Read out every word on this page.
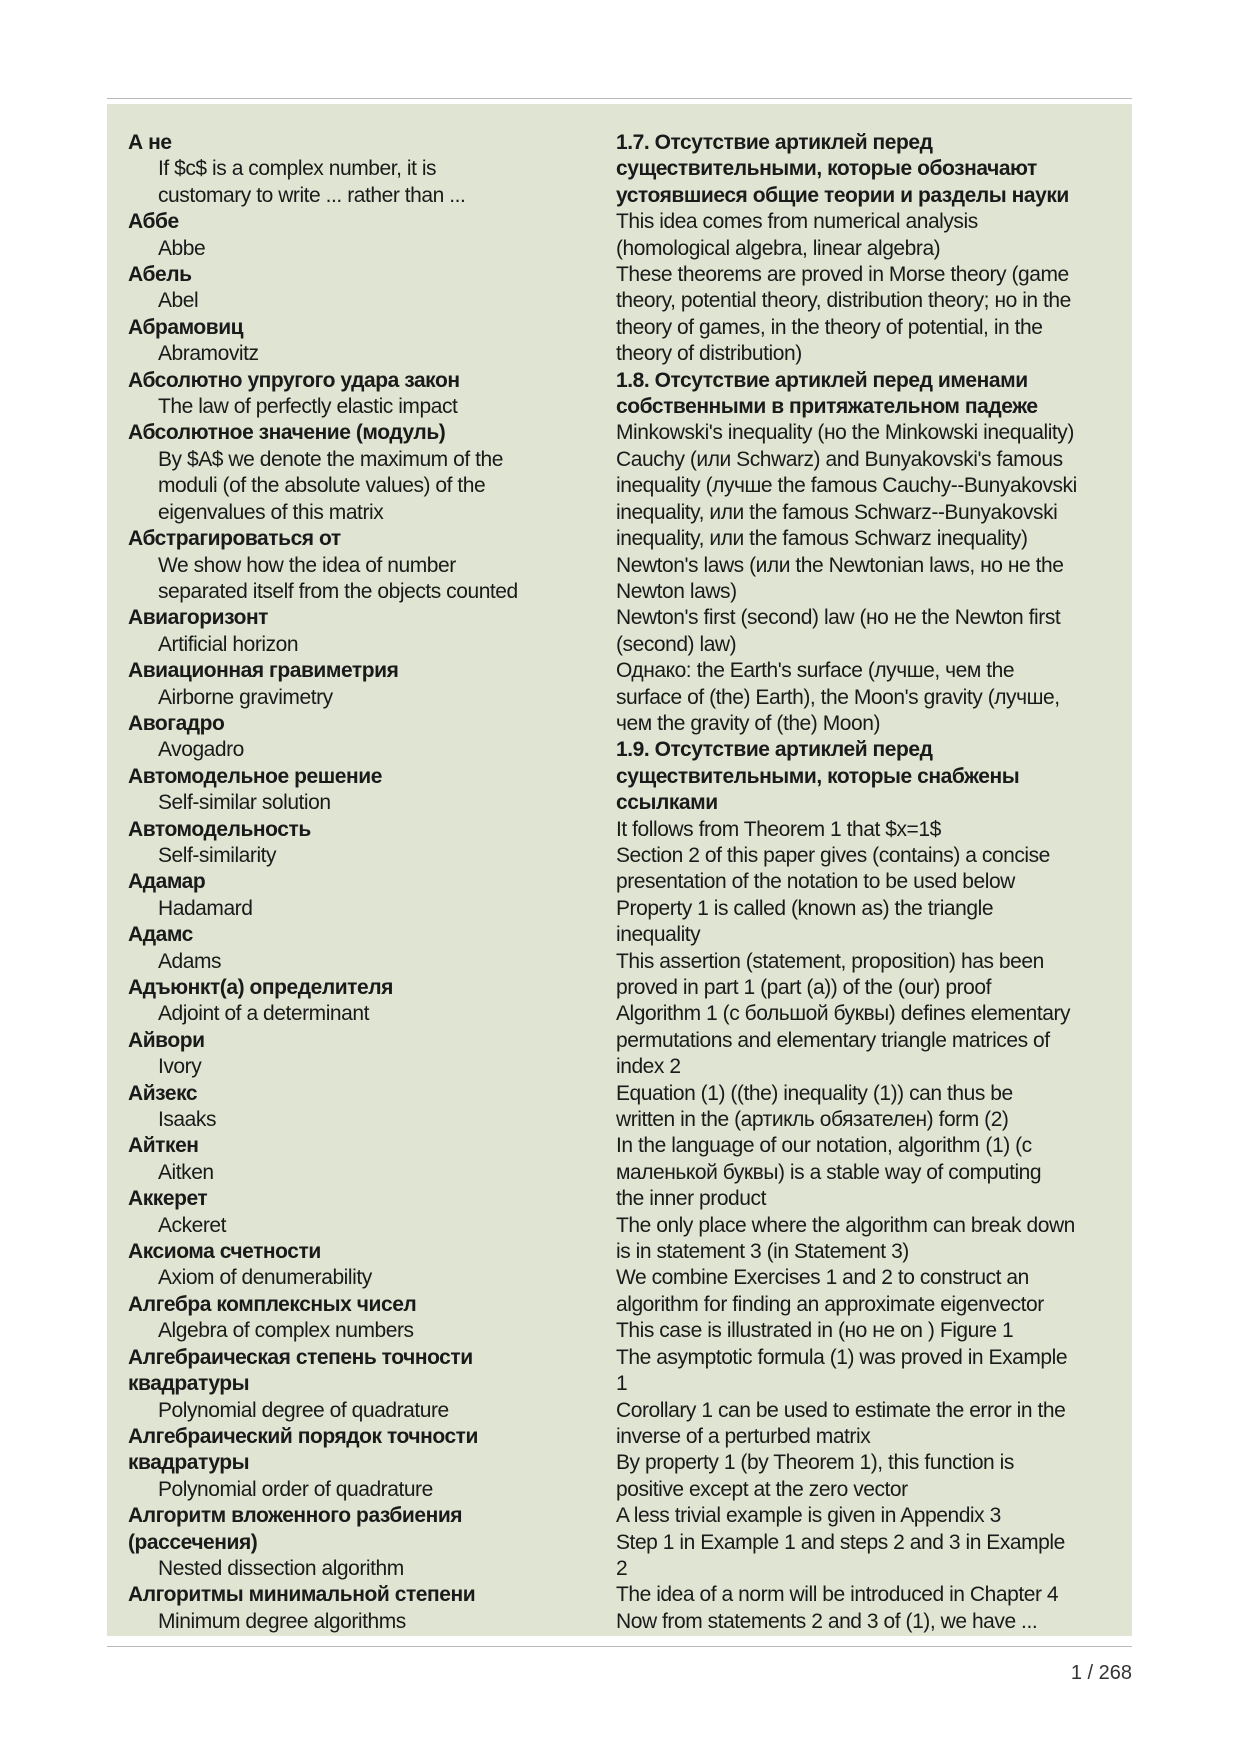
А не
If $c$ is a complex number, it is
customary to write ... rather than ...
Аббе
Abbe
Абель
Abel
Абрамовиц
Abramovitz
Абсолютно упругого удара закон
The law of perfectly elastic impact
Абсолютное значение (модуль)
By $A$ we denote the maximum of the
moduli (of the absolute values) of the
eigenvalues of this matrix
Абстрагироваться от
We show how the idea of number
separated itself from the objects counted
Авиагоризонт
Artificial horizon
Авиационная гравиметрия
Airborne gravimetry
Авогадро
Avogadro
Автомодельное решение
Self-similar solution
Автомодельность
Self-similarity
Адамар
Hadamard
Адамс
Adams
Адъюнкт(а) определителя
Adjoint of a determinant
Айвори
Ivory
Айзекс
Isaaks
Айткен
Aitken
Аккерет
Ackeret
Аксиома счетности
Axiom of denumerability
Алгебра комплексных чисел
Algebra of complex numbers
Алгебраическая степень точности квадратуры
Polynomial degree of quadrature
Алгебраический порядок точности квадратуры
Polynomial order of quadrature
Алгоритм вложенного разбиения (рассечения)
Nested dissection algorithm
Алгоритмы минимальной степени
Minimum degree algorithms
1.7. Отсутствие артиклей перед
существительными, которые обозначают
устоявшиеся общие теории и разделы науки
This idea comes from numerical analysis
(homological algebra, linear algebra)
These theorems are proved in Morse theory (game
theory, potential theory, distribution theory; но in the
theory of games, in the theory of potential, in the
theory of distribution)
1.8. Отсутствие артиклей перед именами
собственными в притяжательном падеже
Minkowski's inequality (но the Minkowski inequality)
Cauchy (или Schwarz) and Bunyakovski's famous
inequality (лучше the famous Cauchy--Bunyakovski
inequality, или the famous Schwarz--Bunyakovski
inequality, или the famous Schwarz inequality)
Newton's laws (или the Newtonian laws, но не the
Newton laws)
Newton's first (second) law (но не the Newton first
(second) law)
Однако: the Earth's surface (лучше, чем the
surface of (the) Earth), the Moon's gravity (лучше,
чем the gravity of (the) Moon)
1.9. Отсутствие артиклей перед
существительными, которые снабжены
ссылками
It follows from Theorem 1 that $x=1$
Section 2 of this paper gives (contains) a concise
presentation of the notation to be used below
Property 1 is called (known as) the triangle
inequality
This assertion (statement, proposition) has been
proved in part 1 (part (a)) of the (our) proof
Algorithm 1 (с большой буквы) defines elementary
permutations and elementary triangle matrices of
index 2
Equation (1) ((the) inequality (1)) can thus be
written in the (артикль обязателен) form (2)
In the language of our notation, algorithm (1) (с
маленькой буквы) is a stable way of computing
the inner product
The only place where the algorithm can break down
is in statement 3 (in Statement 3)
We combine Exercises 1 and 2 to construct an
algorithm for finding an approximate eigenvector
This case is illustrated in (но не on ) Figure 1
The asymptotic formula (1) was proved in Example
1
Corollary 1 can be used to estimate the error in the
inverse of a perturbed matrix
By property 1 (by Theorem 1), this function is
positive except at the zero vector
A less trivial example is given in Appendix 3
Step 1 in Example 1 and steps 2 and 3 in Example
2
The idea of a norm will be introduced in Chapter 4
Now from statements 2 and 3 of (1), we have ...
1 / 268
